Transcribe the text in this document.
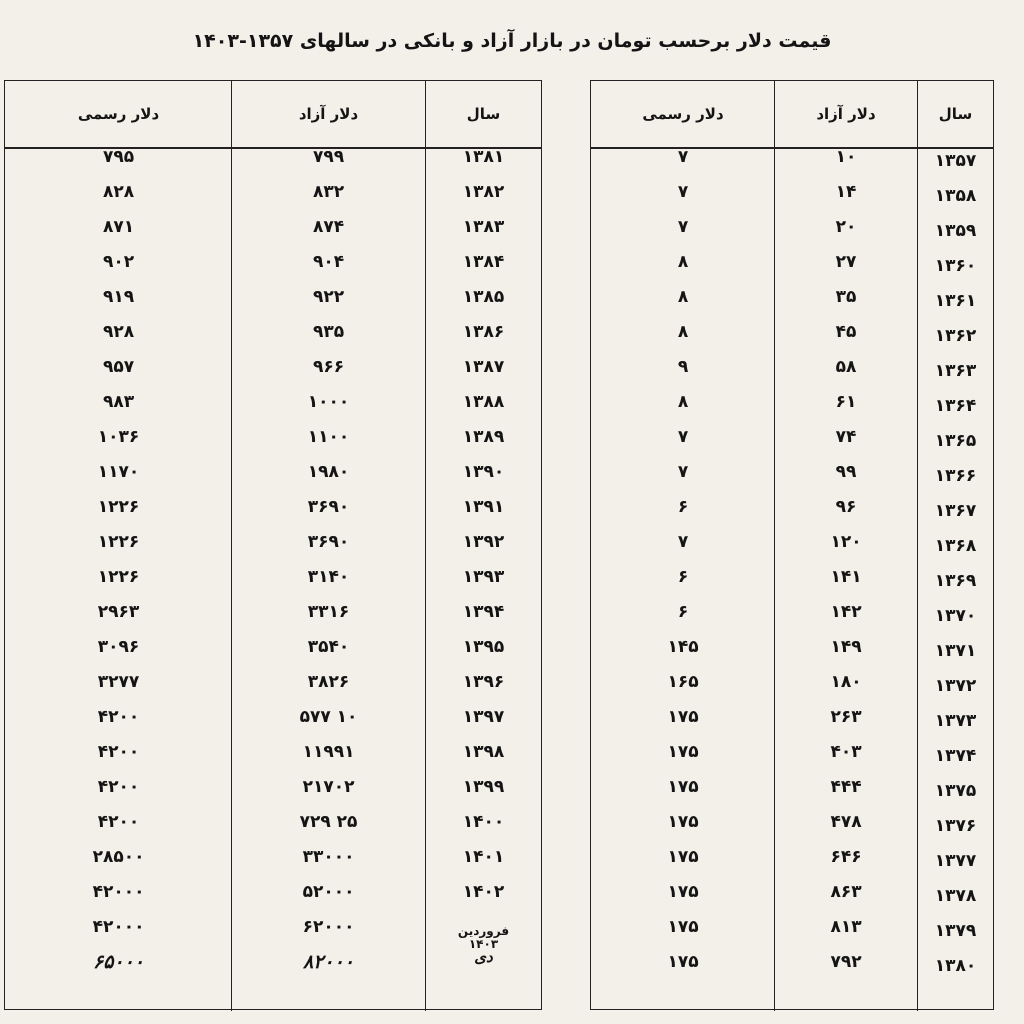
قیمت دلار برحسب تومان در بازار آزاد و بانکی در سالهای ۱۳۵۷-۱۴۰۳
سال
دلار آزاد
دلار رسمی
۱۳۵۷
۱۳۵۸
۱۳۵۹
۱۳۶۰
۱۳۶۱
۱۳۶۲
۱۳۶۳
۱۳۶۴
۱۳۶۵
۱۳۶۶
۱۳۶۷
۱۳۶۸
۱۳۶۹
۱۳۷۰
۱۳۷۱
۱۳۷۲
۱۳۷۳
۱۳۷۴
۱۳۷۵
۱۳۷۶
۱۳۷۷
۱۳۷۸
۱۳۷۹
۱۳۸۰
۱۰
۱۴
۲۰
۲۷
۳۵
۴۵
۵۸
۶۱
۷۴
۹۹
۹۶
۱۲۰
۱۴۱
۱۴۲
۱۴۹
۱۸۰
۲۶۳
۴۰۳
۴۴۴
۴۷۸
۶۴۶
۸۶۳
۸۱۳
۷۹۲
۷
۷
۷
۸
۸
۸
۹
۸
۷
۷
۶
۷
۶
۶
۱۴۵
۱۶۵
۱۷۵
۱۷۵
۱۷۵
۱۷۵
۱۷۵
۱۷۵
۱۷۵
۱۷۵
سال
دلار آزاد
دلار رسمی
۱۳۸۱
۱۳۸۲
۱۳۸۳
۱۳۸۴
۱۳۸۵
۱۳۸۶
۱۳۸۷
۱۳۸۸
۱۳۸۹
۱۳۹۰
۱۳۹۱
۱۳۹۲
۱۳۹۳
۱۳۹۴
۱۳۹۵
۱۳۹۶
۱۳۹۷
۱۳۹۸
۱۳۹۹
۱۴۰۰
۱۴۰۱
۱۴۰۲
فروردین
۱۴۰۳
دی
۷۹۹
۸۳۲
۸۷۴
۹۰۴
۹۲۲
۹۳۵
۹۶۶
۱۰۰۰
۱۱۰۰
۱۹۸۰
۳۶۹۰
۳۶۹۰
۳۱۴۰
۳۳۱۶
۳۵۴۰
۳۸۲۶
۱۰ ۵۷۷
۱۱۹۹۱
۲۱۷۰۲
۲۵ ۷۲۹
۳۳۰۰۰
۵۲۰۰۰
۶۲۰۰۰
۸۲۰۰۰
۷۹۵
۸۲۸
۸۷۱
۹۰۲
۹۱۹
۹۲۸
۹۵۷
۹۸۳
۱۰۳۶
۱۱۷۰
۱۲۲۶
۱۲۲۶
۱۲۲۶
۲۹۶۳
۳۰۹۶
۳۲۷۷
۴۲۰۰
۴۲۰۰
۴۲۰۰
۴۲۰۰
۲۸۵۰۰
۴۲۰۰۰
۴۲۰۰۰
۶۵۰۰۰
